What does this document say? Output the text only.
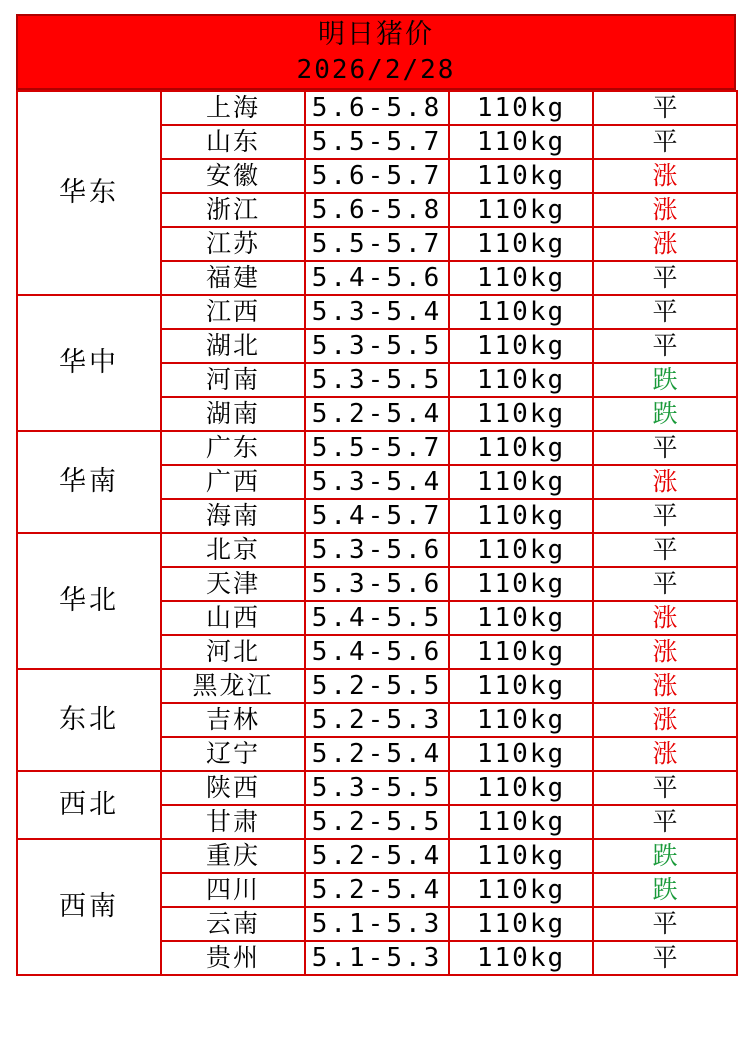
明日猪价
2026/2/28
华东	上海	5.6-5.8	110kg	平
	山东	5.5-5.7	110kg	平
	安徽	5.6-5.7	110kg	涨
	浙江	5.6-5.8	110kg	涨
	江苏	5.5-5.7	110kg	涨
	福建	5.4-5.6	110kg	平
华中	江西	5.3-5.4	110kg	平
	湖北	5.3-5.5	110kg	平
	河南	5.3-5.5	110kg	跌
	湖南	5.2-5.4	110kg	跌
华南	广东	5.5-5.7	110kg	平
	广西	5.3-5.4	110kg	涨
	海南	5.4-5.7	110kg	平
华北	北京	5.3-5.6	110kg	平
	天津	5.3-5.6	110kg	平
	山西	5.4-5.5	110kg	涨
	河北	5.4-5.6	110kg	涨
东北	黑龙江	5.2-5.5	110kg	涨
	吉林	5.2-5.3	110kg	涨
	辽宁	5.2-5.4	110kg	涨
西北	陕西	5.3-5.5	110kg	平
	甘肃	5.2-5.5	110kg	平
西南	重庆	5.2-5.4	110kg	跌
	四川	5.2-5.4	110kg	跌
	云南	5.1-5.3	110kg	平
	贵州	5.1-5.3	110kg	平
